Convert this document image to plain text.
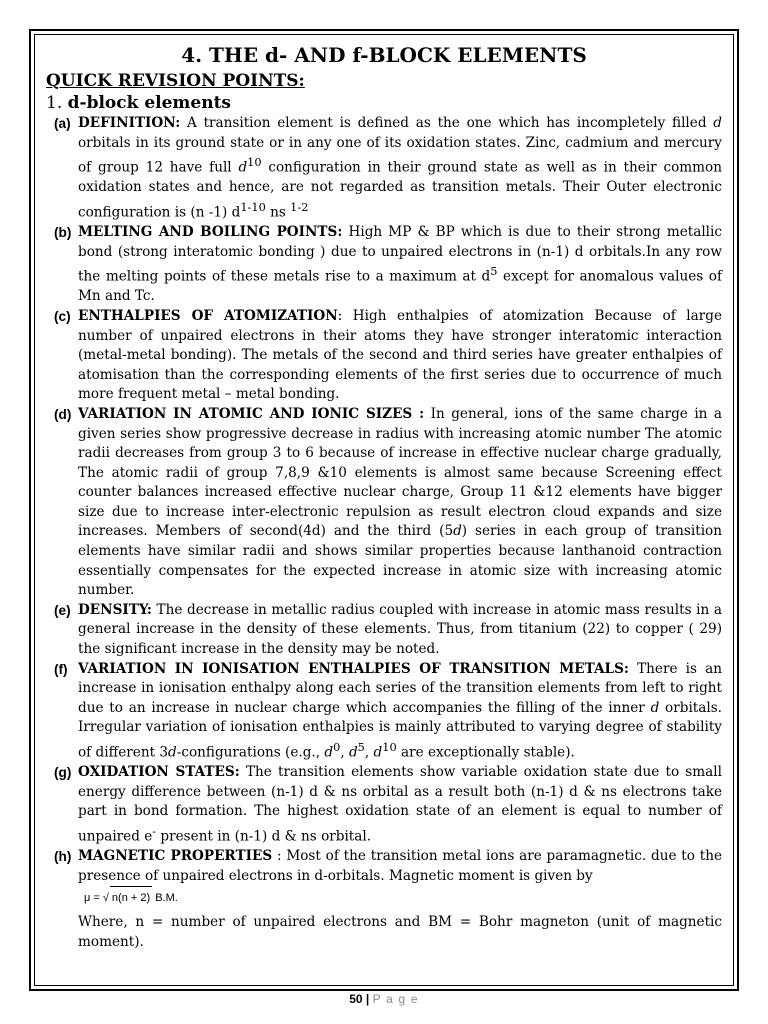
4. THE d- AND f-BLOCK ELEMENTS
QUICK REVISION POINTS:
1. d-block elements
(a) DEFINITION: A transition element is defined as the one which has incompletely filled d orbitals in its ground state or in any one of its oxidation states. Zinc, cadmium and mercury of group 12 have full $d^{10}$ configuration in their ground state as well as in their common oxidation states and hence, are not regarded as transition metals. Their Outer electronic configuration is (n -1) $d^{1-10}$ ns $^{1-2}$
(b) MELTING AND BOILING POINTS: High MP & BP which is due to their strong metallic bond (strong interatomic bonding ) due to unpaired electrons in (n-1) d orbitals.In any row the melting points of these metals rise to a maximum at $d^5$ except for anomalous values of Mn and Tc.
(c) ENTHALPIES OF ATOMIZATION: High enthalpies of atomization Because of large number of unpaired electrons in their atoms they have stronger interatomic interaction (metal-metal bonding). The metals of the second and third series have greater enthalpies of atomisation than the corresponding elements of the first series due to occurrence of much more frequent metal – metal bonding.
(d) VARIATION IN ATOMIC AND IONIC SIZES : In general, ions of the same charge in a given series show progressive decrease in radius with increasing atomic number The atomic radii decreases from group 3 to 6 because of increase in effective nuclear charge gradually, The atomic radii of group 7,8,9 &10 elements is almost same because Screening effect counter balances increased effective nuclear charge, Group 11 &12 elements have bigger size due to increase inter-electronic repulsion as result electron cloud expands and size increases. Members of second(4d) and the third (5d) series in each group of transition elements have similar radii and shows similar properties because lanthanoid contraction essentially compensates for the expected increase in atomic size with increasing atomic number.
(e) DENSITY: The decrease in metallic radius coupled with increase in atomic mass results in a general increase in the density of these elements. Thus, from titanium (22) to copper ( 29) the significant increase in the density may be noted.
(f) VARIATION IN IONISATION ENTHALPIES OF TRANSITION METALS: There is an increase in ionisation enthalpy along each series of the transition elements from left to right due to an increase in nuclear charge which accompanies the filling of the inner d orbitals. Irregular variation of ionisation enthalpies is mainly attributed to varying degree of stability of different 3d-configurations (e.g., $d^0$, $d^5$, $d^{10}$ are exceptionally stable).
(g) OXIDATION STATES: The transition elements show variable oxidation state due to small energy difference between (n-1) d & ns orbital as a result both (n-1) d & ns electrons take part in bond formation. The highest oxidation state of an element is equal to number of unpaired e- present in (n-1) d & ns orbital.
(h) MAGNETIC PROPERTIES : Most of the transition metal ions are paramagnetic. due to the presence of unpaired electrons in d-orbitals. Magnetic moment is given by
μ = √ n(n + 2) B.M.
Where, n = number of unpaired electrons and BM = Bohr magneton (unit of magnetic moment).
50 | P a g e
